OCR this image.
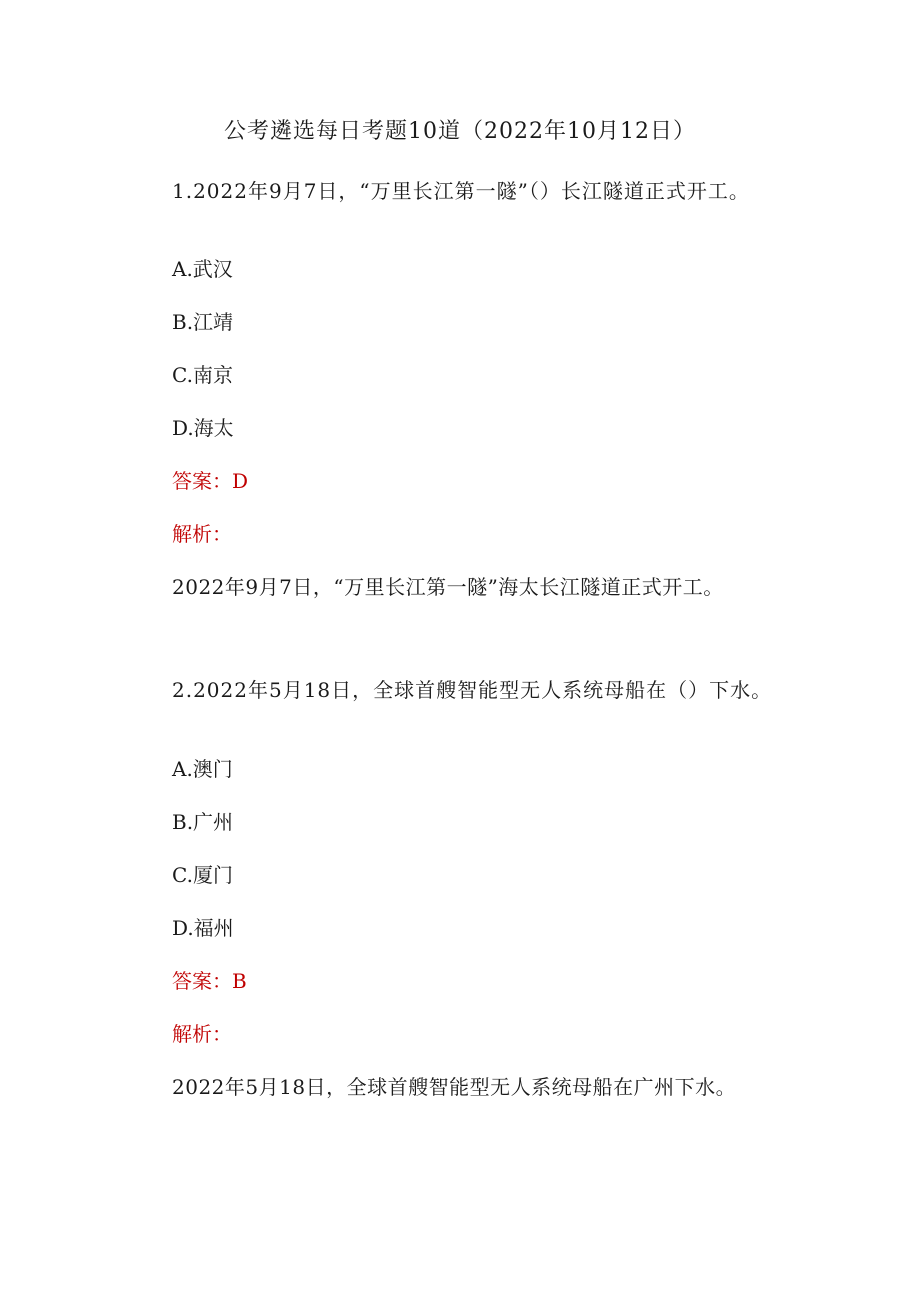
公考遴选每日考题10道（2022年10月12日）
1.2022年9月7日，“万里长江第一隧”（）长江隧道正式开工。
A.武汉
B.江靖
C.南京
D.海太
答案：D
解析：
2022年9月7日，“万里长江第一隧”海太长江隧道正式开工。
2.2022年5月18日，全球首艘智能型无人系统母船在（）下水。
A.澳门
B.广州
C.厦门
D.福州
答案：B
解析：
2022年5月18日，全球首艘智能型无人系统母船在广州下水。
